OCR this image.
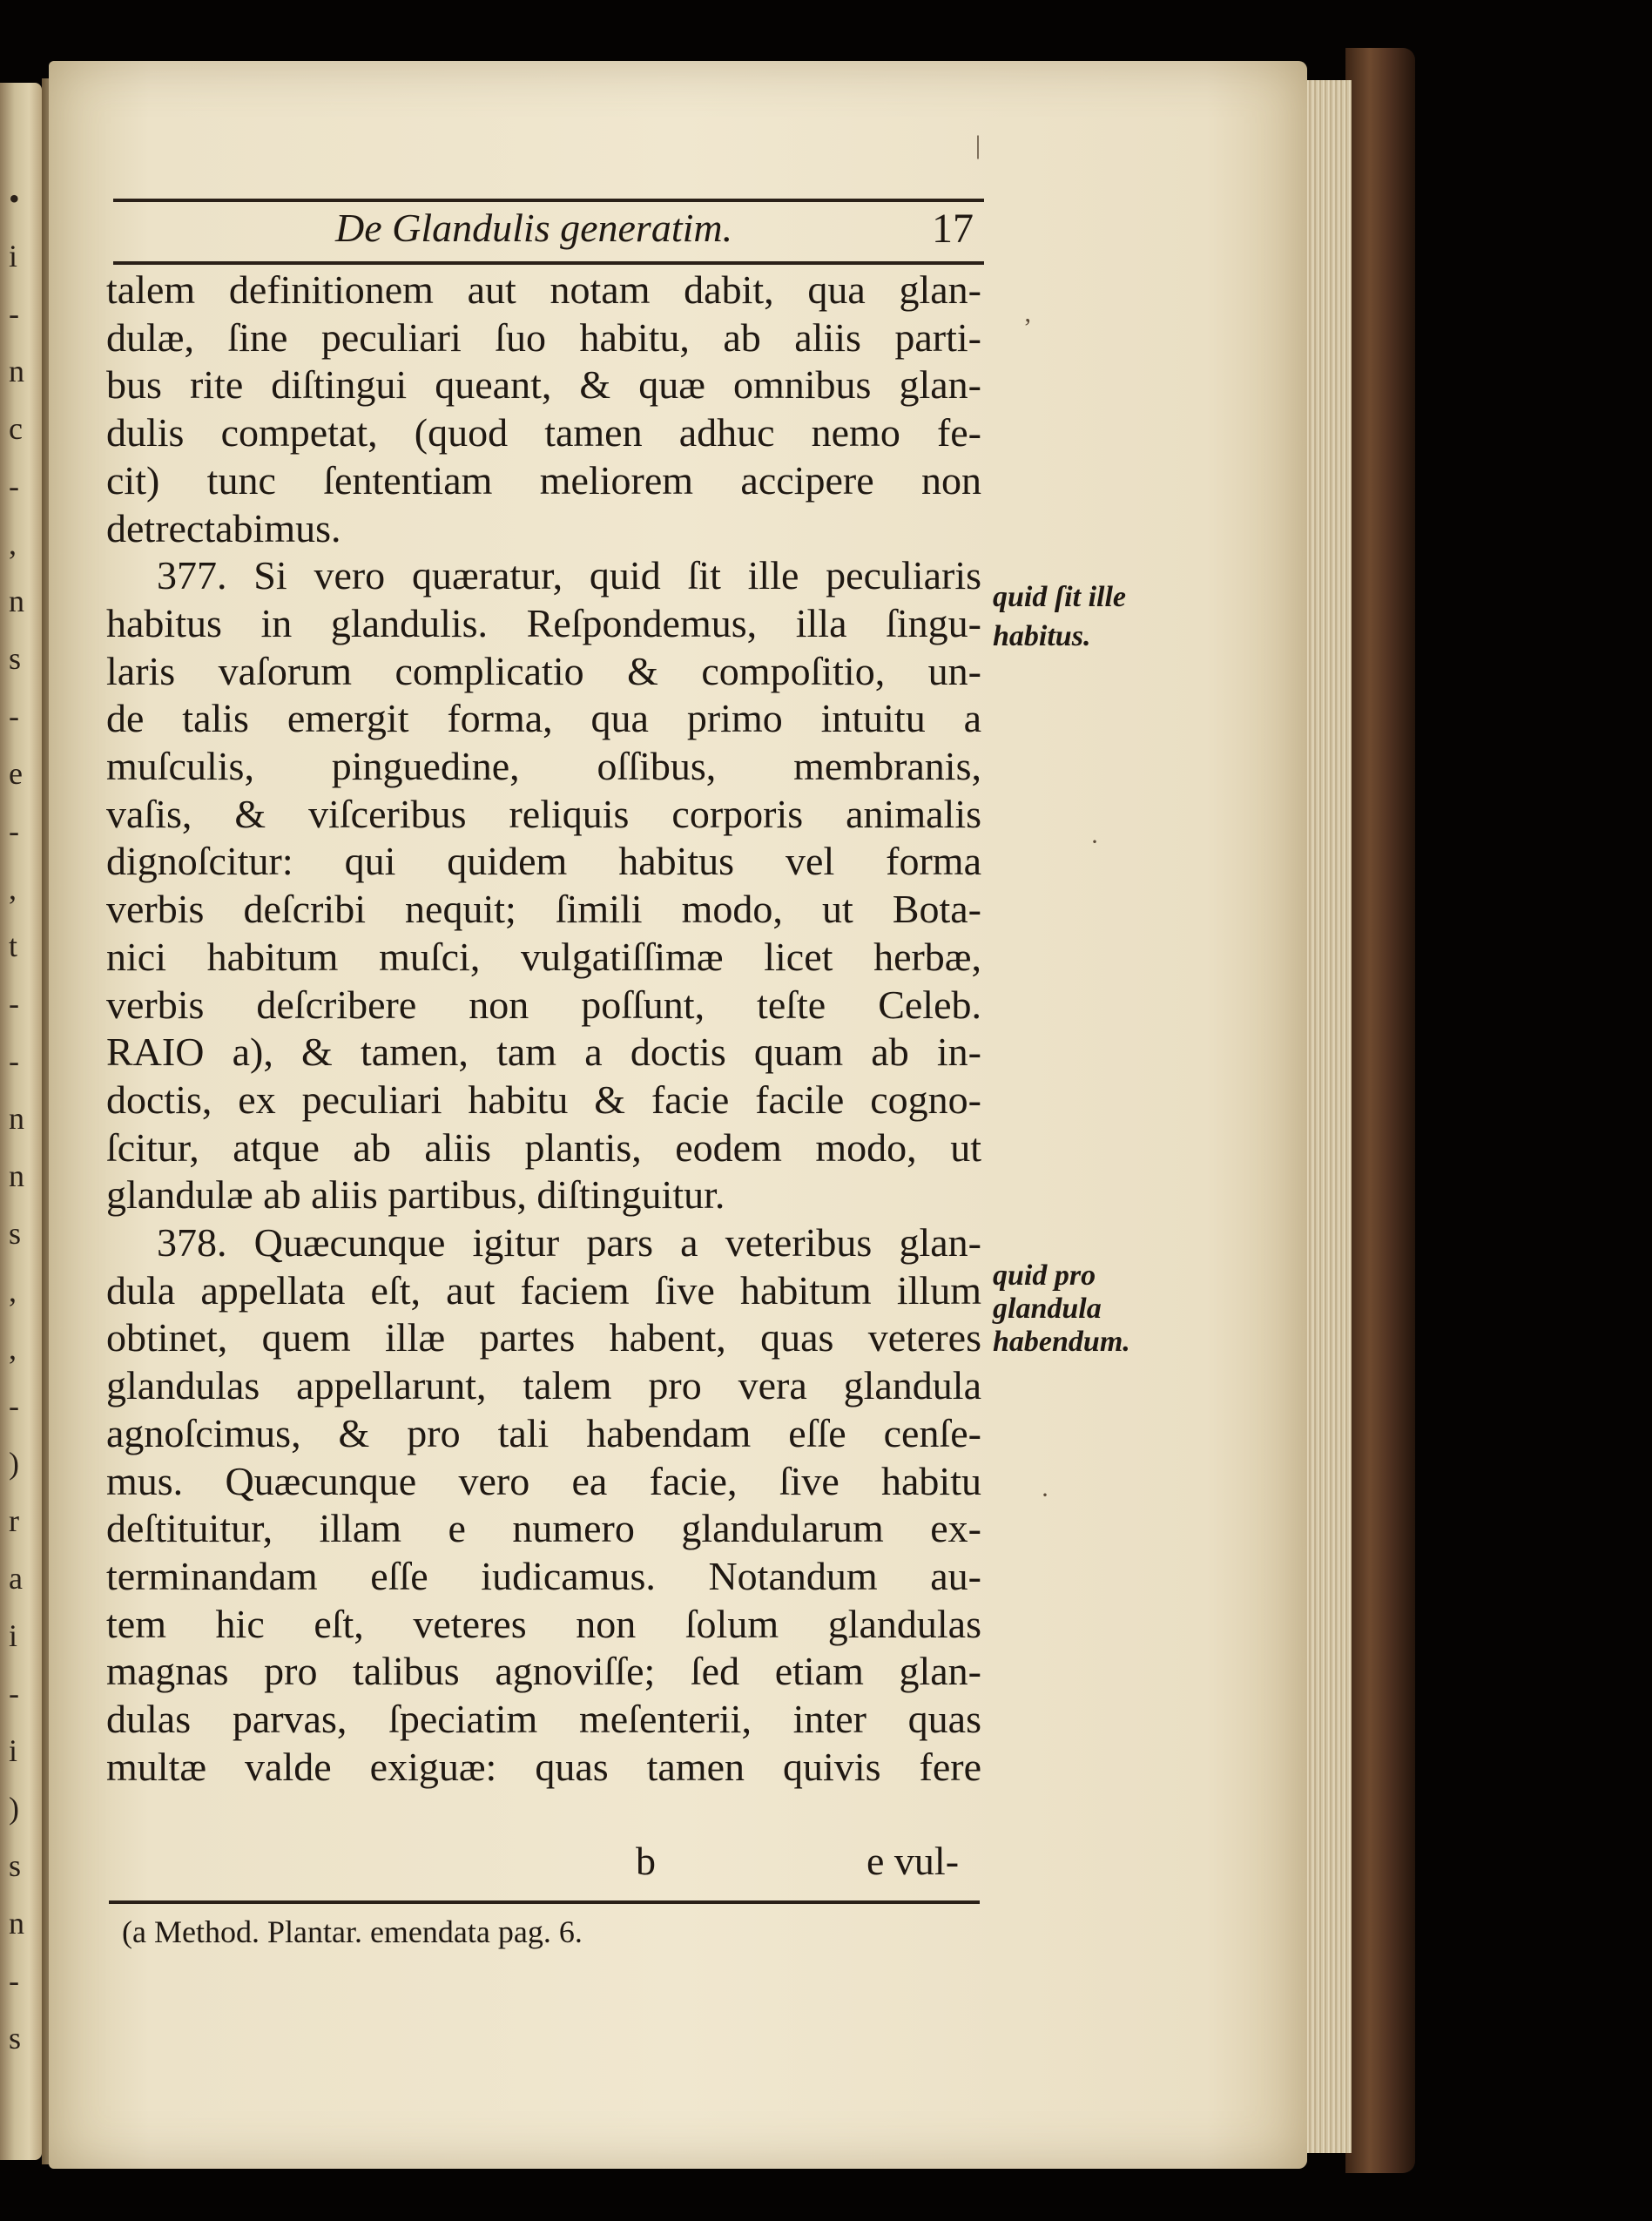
•
i
-
n
c
-
,
n
s
-
e
-
,
t
-
-
n
n
s
,
,
-
)
r
a
i
-
i
)
s
n
-
s
De Glandulis generatim.	17
talem definitionem aut notam dabit, qua glan-
dulæ, ſine peculiari ſuo habitu, ab aliis parti-
bus rite diſtingui queant, & quæ omnibus glan-
dulis competat, (quod tamen adhuc nemo fe-
cit) tunc ſententiam meliorem accipere non
detrectabimus.
377. Si vero quæratur, quid ſit ille peculiaris
habitus in glandulis. Reſpondemus, illa ſingu-
laris vaſorum complicatio & compoſitio, un-
de talis emergit forma, qua primo intuitu a
muſculis, pinguedine, oſſibus, membranis,
vaſis, & viſceribus reliquis corporis animalis
dignoſcitur: qui quidem habitus vel forma
verbis deſcribi nequit; ſimili modo, ut Bota-
nici habitum muſci, vulgatiſſimæ licet herbæ,
verbis deſcribere non poſſunt, teſte Celeb.
RAIO a), & tamen, tam a doctis quam ab in-
doctis, ex peculiari habitu & facie facile cogno-
ſcitur, atque ab aliis plantis, eodem modo, ut
glandulæ ab aliis partibus, diſtinguitur.
378. Quæcunque igitur pars a veteribus glan-
dula appellata eſt, aut faciem ſive habitum illum
obtinet, quem illæ partes habent, quas veteres
glandulas appellarunt, talem pro vera glandula
agnoſcimus, & pro tali habendam eſſe cenſe-
mus. Quæcunque vero ea facie, ſive habitu
deſtituitur, illam e numero glandularum ex-
terminandam eſſe iudicamus. Notandum au-
tem hic eſt, veteres non ſolum glandulas
magnas pro talibus agnoviſſe; ſed etiam glan-
dulas parvas, ſpeciatim meſenterii, inter quas
multæ valde exiguæ: quas tamen quivis fere
b	e vul-
quid ſit ille
habitus.
quid pro
glandula
habendum.
(a Method. Plantar. emendata pag. 6.
|
ʼ
·
·
